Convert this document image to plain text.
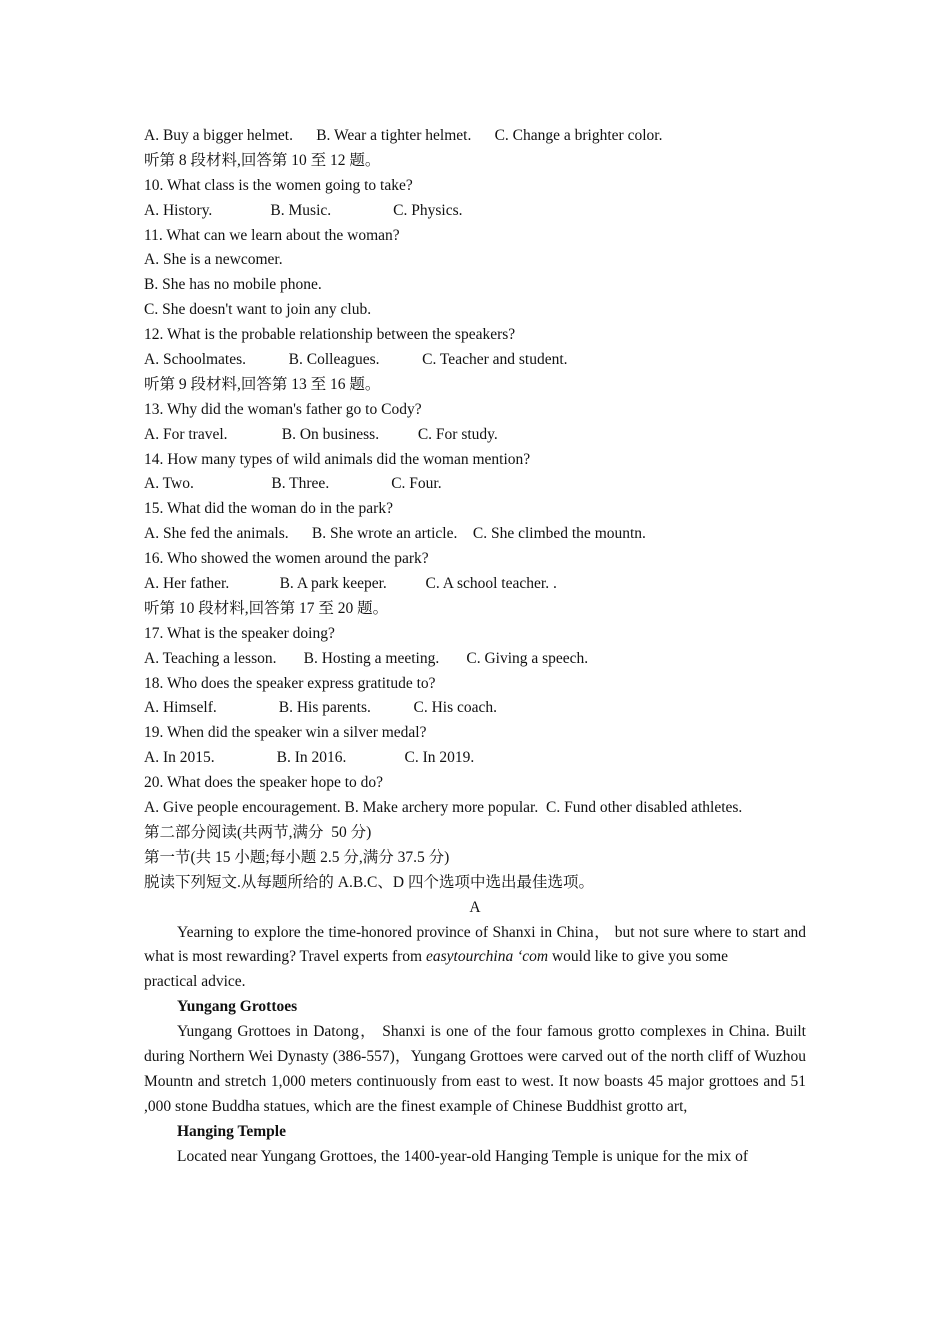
A. Buy a bigger helmet.      B. Wear a tighter helmet.      C. Change a brighter color.
听第 8 段材料,回答第 10 至 12 题。
10. What class is the women going to take?
A. History.               B. Music.                C. Physics.
11. What can we learn about the woman?
A. She is a newcomer.
B. She has no mobile phone.
C. She doesn't want to join any club.
12. What is the probable relationship between the speakers?
A. Schoolmates.           B. Colleagues.           C. Teacher and student.
听第 9 段材料,回答第 13 至 16 题。
13. Why did the woman's father go to Cody?
A. For travel.              B. On business.          C. For study.
14. How many types of wild animals did the woman mention?
A. Two.                    B. Three.                C. Four.
15. What did the woman do in the park?
A. She fed the animals.      B. She wrote an article.    C. She climbed the mountn.
16. Who showed the women around the park?
A. Her father.             B. A park keeper.          C. A school teacher. .
听第 10 段材料,回答第 17 至 20 题。
17. What is the speaker doing?
A. Teaching a lesson.       B. Hosting a meeting.       C. Giving a speech.
18. Who does the speaker express gratitude to?
A. Himself.                B. His parents.           C. His coach.
19. When did the speaker win a silver medal?
A. In 2015.                B. In 2016.               C. In 2019.
20. What does the speaker hope to do?
A. Give people encouragement. B. Make archery more popular.  C. Fund other disabled athletes.
第二部分阅读(共两节,满分  50 分)
第一节(共 15 小题;每小题 2.5 分,满分 37.5 分)
脱读下列短文.从每题所给的 A.B.C、D 四个选项中选出最佳选项。
A
Yearning to explore the time-honored province of Shanxi in China， but not sure where to start and what is most rewarding? Travel experts from easytourchina ‘com would like to give you some
practical advice.
Yungang Grottoes
Yungang Grottoes in Datong， Shanxi is one of the four famous grotto complexes in China. Built during Northern Wei Dynasty (386-557)，Yungang Grottoes were carved out of the north cliff of Wuzhou Mountn and stretch 1,000 meters continuously from east to west. It now boasts 45 major grottoes and 51 ,000 stone Buddha statues, which are the finest example of Chinese Buddhist grotto art,
Hanging Temple
Located near Yungang Grottoes, the 1400-year-old Hanging Temple is unique for the mix of
